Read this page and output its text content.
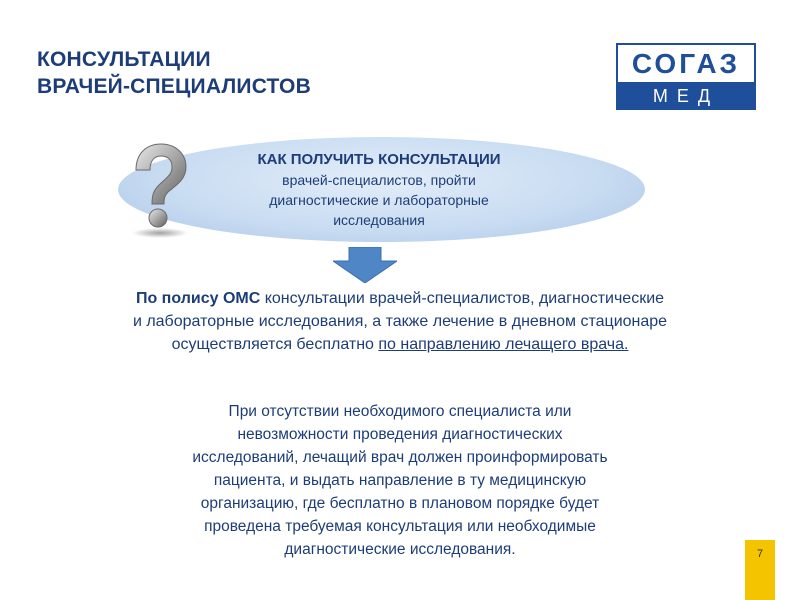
КОНСУЛЬТАЦИИ
ВРАЧЕЙ-СПЕЦИАЛИСТОВ
СОГАЗ
МЕД
КАК ПОЛУЧИТЬ КОНСУЛЬТАЦИИ
врачей-специалистов, пройти
диагностические и лабораторные
исследования

По полису ОМС консультации врачей-специалистов, диагностические
и лабораторные исследования, а также лечение в дневном стационаре
осуществляется бесплатно по направлению лечащего врача.

При отсутствии необходимого специалиста или
невозможности проведения диагностических
исследований, лечащий врач должен проинформировать
пациента, и выдать направление в ту медицинскую
организацию, где бесплатно в плановом порядке будет
проведена требуемая консультация или необходимые
диагностические исследования.	7
